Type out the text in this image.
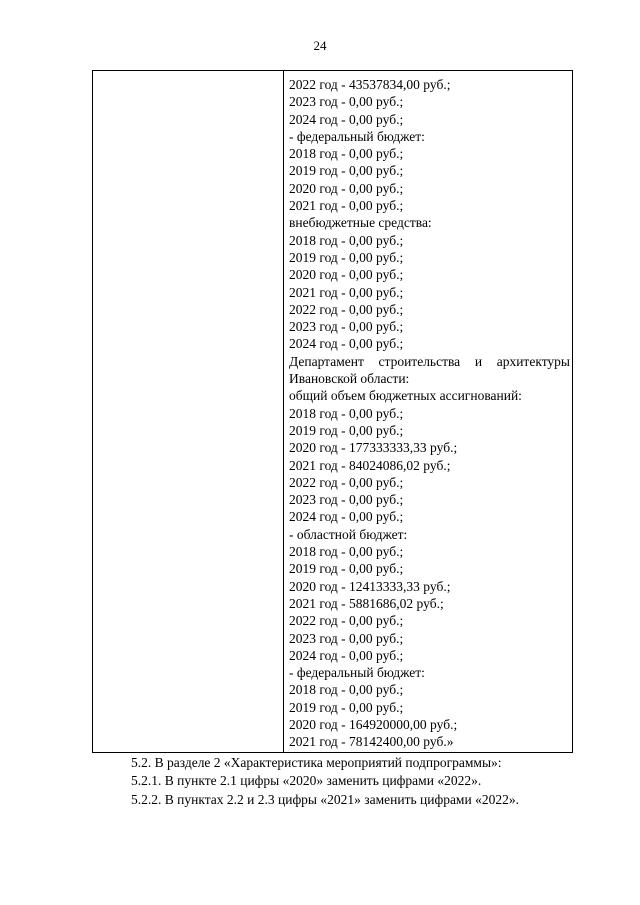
24
2022 год - 43537834,00 руб.;
2023 год - 0,00 руб.;
2024 год - 0,00 руб.;
- федеральный бюджет:
2018 год - 0,00 руб.;
2019 год - 0,00 руб.;
2020 год - 0,00 руб.;
2021 год - 0,00 руб.;
внебюджетные средства:
2018 год - 0,00 руб.;
2019 год - 0,00 руб.;
2020 год - 0,00 руб.;
2021 год - 0,00 руб.;
2022 год - 0,00 руб.;
2023 год - 0,00 руб.;
2024 год - 0,00 руб.;
Департамент строительства и архитектуры
Ивановской области:
общий объем бюджетных ассигнований:
2018 год - 0,00 руб.;
2019 год - 0,00 руб.;
2020 год - 177333333,33 руб.;
2021 год - 84024086,02 руб.;
2022 год - 0,00 руб.;
2023 год - 0,00 руб.;
2024 год - 0,00 руб.;
- областной бюджет:
2018 год - 0,00 руб.;
2019 год - 0,00 руб.;
2020 год - 12413333,33 руб.;
2021 год - 5881686,02 руб.;
2022 год - 0,00 руб.;
2023 год - 0,00 руб.;
2024 год - 0,00 руб.;
- федеральный бюджет:
2018 год - 0,00 руб.;
2019 год - 0,00 руб.;
2020 год - 164920000,00 руб.;
2021 год - 78142400,00 руб.»
5.2. В разделе 2 «Характеристика мероприятий подпрограммы»:
5.2.1. В пункте 2.1 цифры «2020» заменить цифрами «2022».
5.2.2. В пунктах 2.2 и 2.3 цифры «2021» заменить цифрами «2022».
